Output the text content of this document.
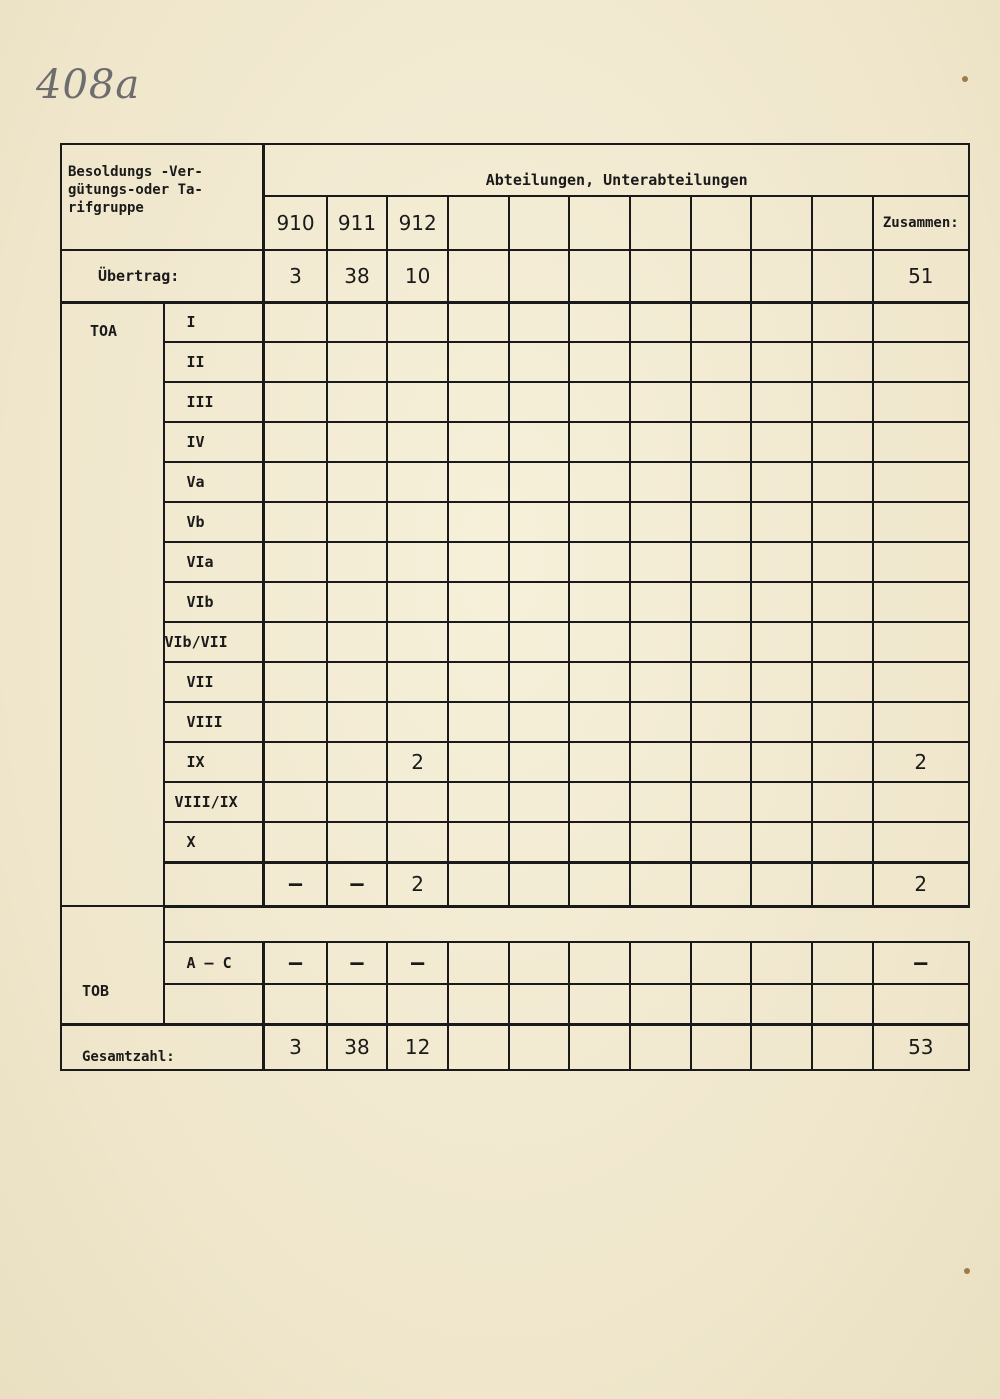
408a
Besoldungs -Ver-
gütungs-oder Ta-
rifgruppe		Abteilungen, Unterabteilungen										
		910	911	912								Zusammen:
Übertrag:		3	38	10								51
TOA	I											
	II											
	III											
	IV											
	Va											
	Vb											
	VIa											
	VIb											
	VIb/VII											
	VII											
	VIII											
	IX			2								2
	VIII/IX											
	X											
		–	–	2								2

TOB	A – C	–	–	–								–

Gesamtzahl:		3	38	12								53
